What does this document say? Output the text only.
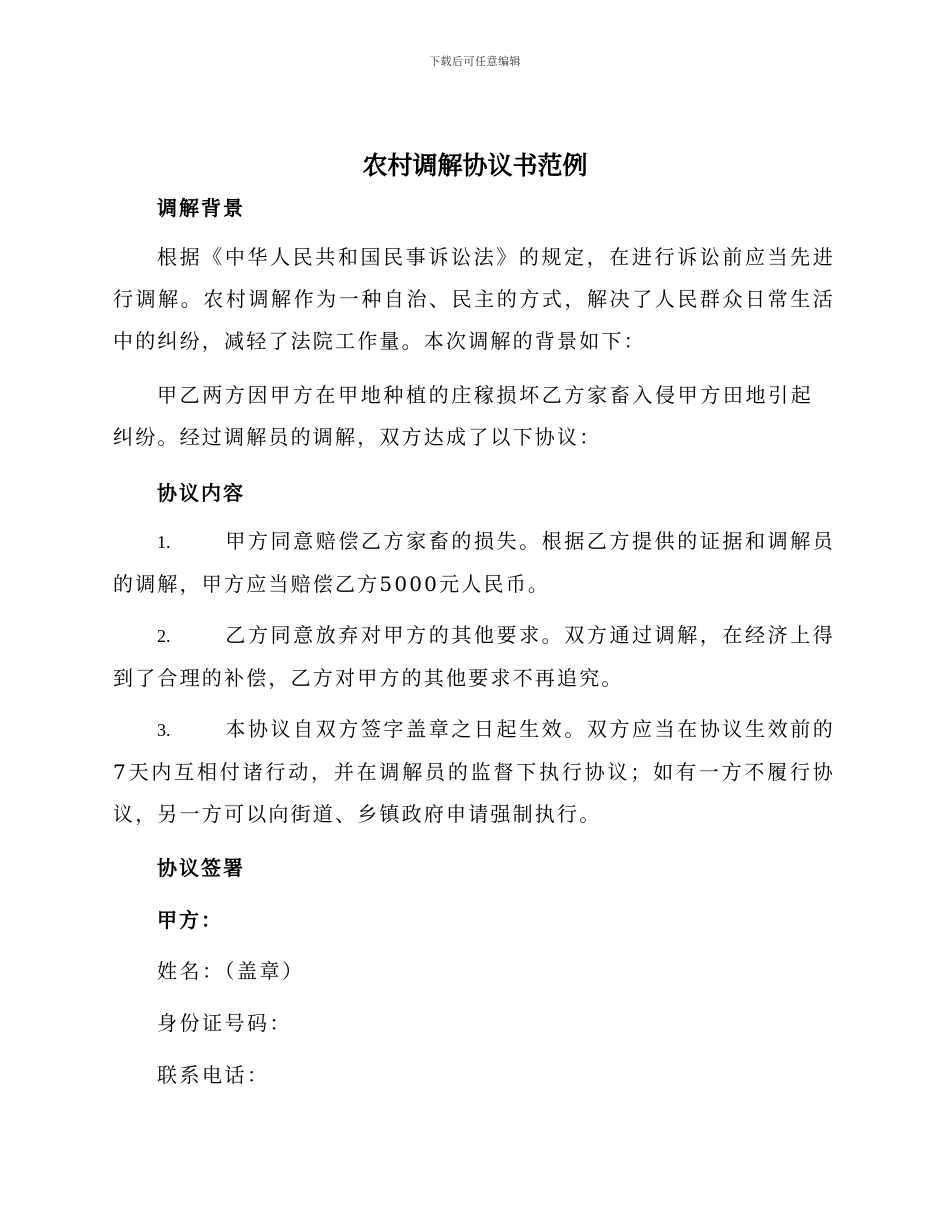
下载后可任意编辑
农村调解协议书范例
调解背景

根据《中华人民共和国民事诉讼法》的规定，在进行诉讼前应当先进行调解。农村调解作为一种自治、民主的方式，解决了人民群众日常生活中的纠纷，减轻了法院工作量。本次调解的背景如下：

甲乙两方因甲方在甲地种植的庄稼损坏乙方家畜入侵甲方田地引起纠纷。经过调解员的调解，双方达成了以下协议：

协议内容

1.	甲方同意赔偿乙方家畜的损失。根据乙方提供的证据和调解员的调解，甲方应当赔偿乙方5000元人民币。

2.	乙方同意放弃对甲方的其他要求。双方通过调解，在经济上得到了合理的补偿，乙方对甲方的其他要求不再追究。

3.	本协议自双方签字盖章之日起生效。双方应当在协议生效前的7天内互相付诸行动，并在调解员的监督下执行协议；如有一方不履行协议，另一方可以向街道、乡镇政府申请强制执行。

协议签署
甲方：
姓名：（盖章）
身份证号码：
联系电话：
